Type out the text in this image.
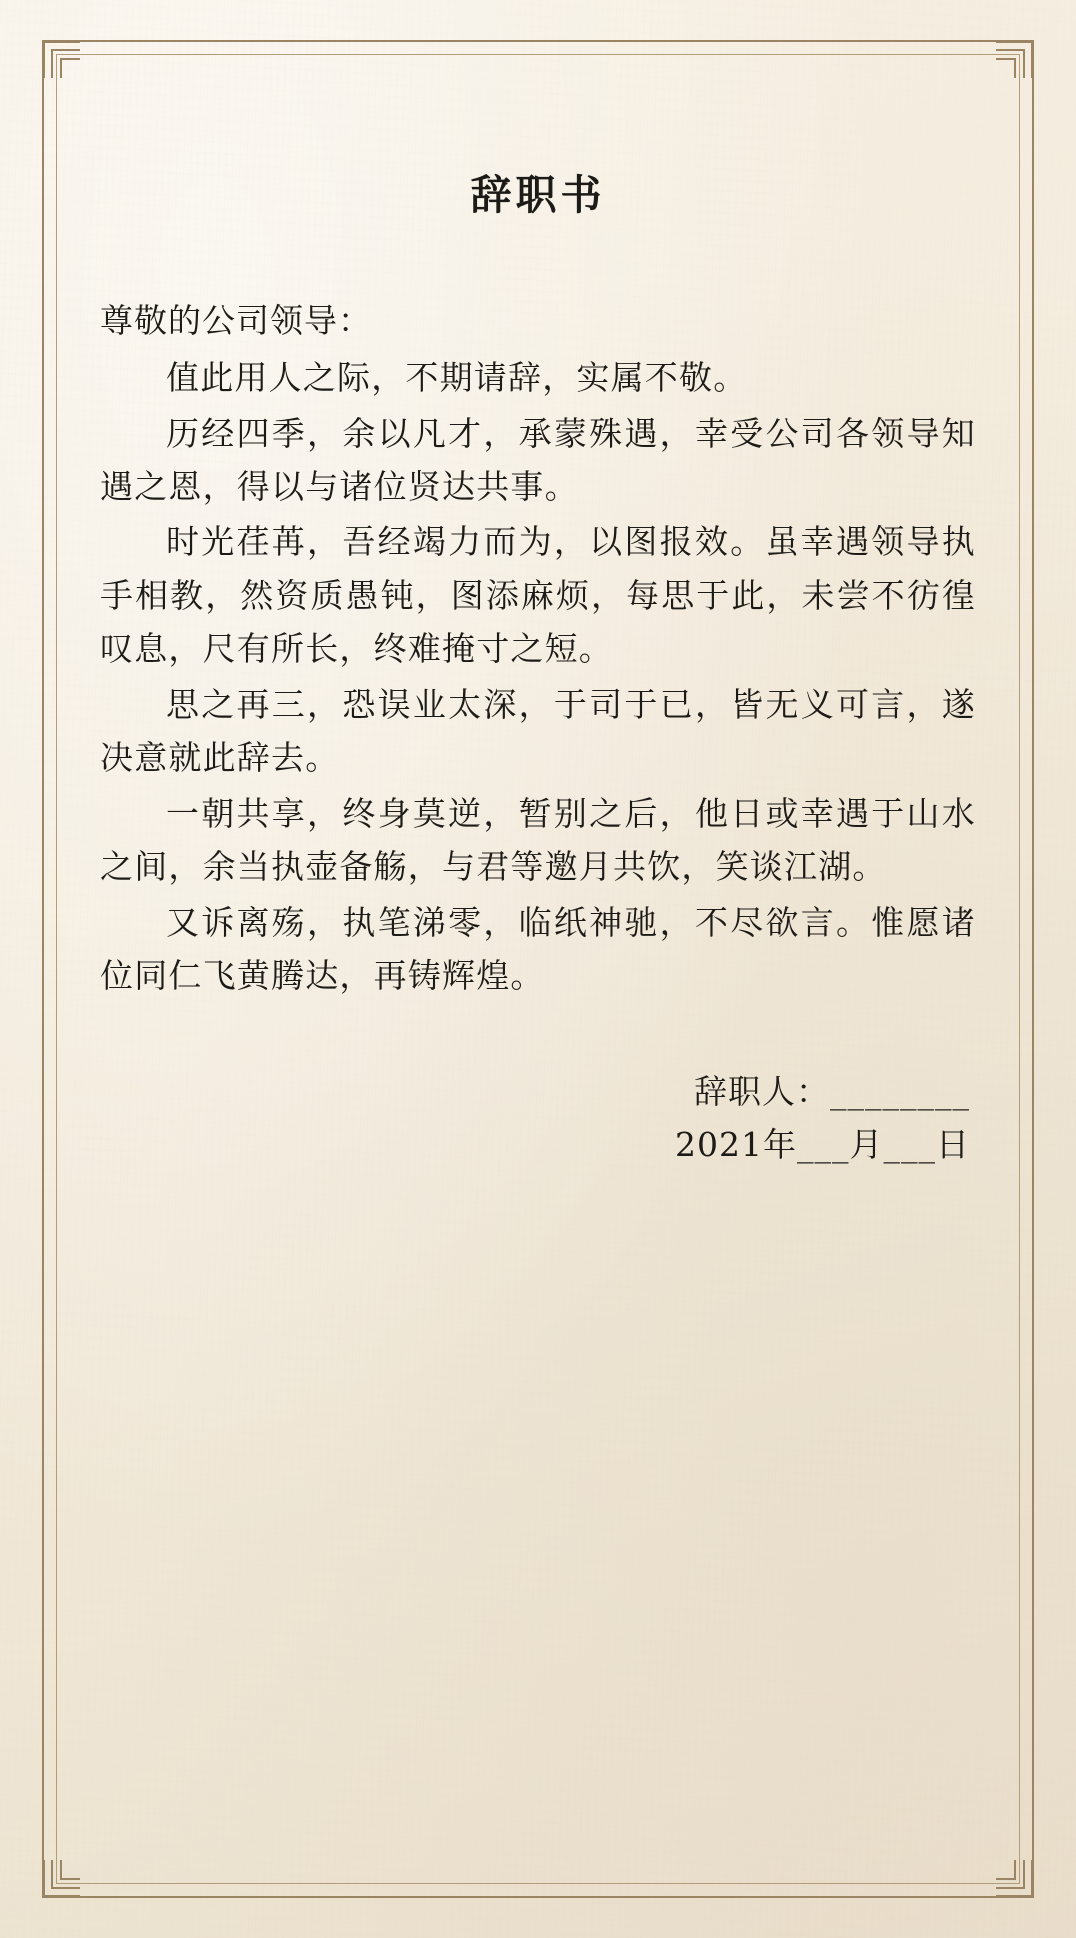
辞职书
尊敬的公司领导：

值此用人之际，不期请辞，实属不敬。

历经四季，余以凡才，承蒙殊遇，幸受公司各领导知遇之恩，得以与诸位贤达共事。

时光荏苒，吾经竭力而为，以图报效。虽幸遇领导执手相教，然资质愚钝，图添麻烦，每思于此，未尝不彷徨叹息，尺有所长，终难掩寸之短。

思之再三，恐误业太深，于司于已，皆无义可言，遂决意就此辞去。

一朝共享，终身莫逆，暂别之后，他日或幸遇于山水之间，余当执壶备觞，与君等邀月共饮，笑谈江湖。

又诉离殇，执笔涕零，临纸神驰，不尽欲言。惟愿诸位同仁飞黄腾达，再铸辉煌。

辞职人：________
2021年___月___日
